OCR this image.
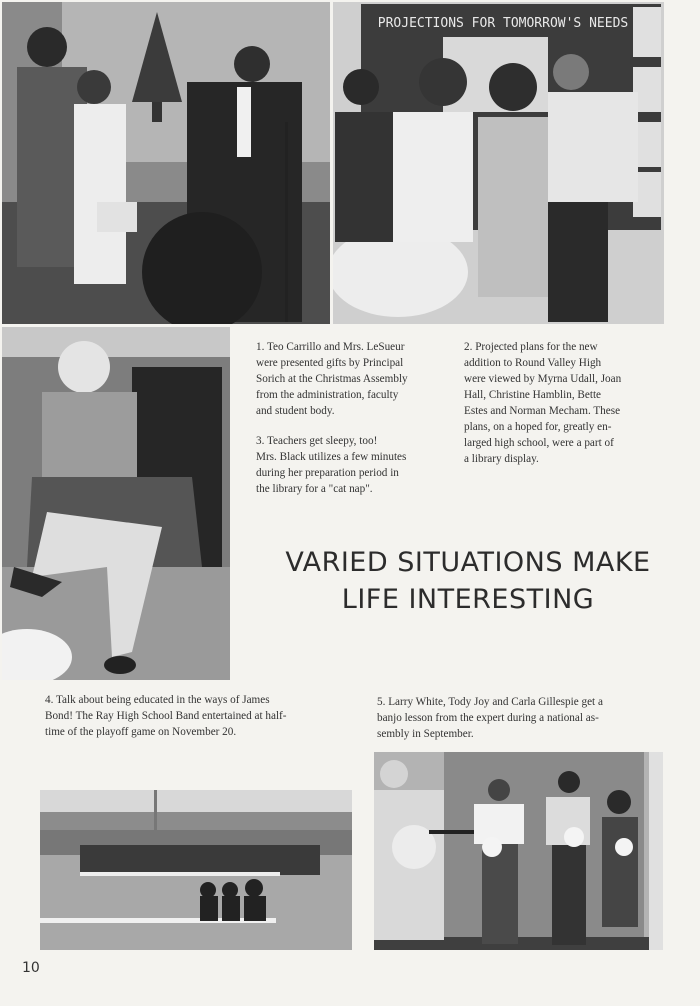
PROJECTIONS FOR TOMORROW'S NEEDS

1. Teo Carrillo and Mrs. LeSueur
were presented gifts by Principal
Sorich at the Christmas Assembly
from the administration, faculty
and student body.

2. Projected plans for the new
addition to Round Valley High
were viewed by Myrna Udall, Joan
Hall, Christine Hamblin, Bette
Estes and Norman Mecham. These
plans, on a hoped for, greatly en-
larged high school, were a part of
a library display.

3. Teachers get sleepy, too!
Mrs. Black utilizes a few minutes
during her preparation period in
the library for a "cat nap".

4. Talk about being educated in the ways of James
Bond! The Ray High School Band entertained at half-
time of the playoff game on November 20.

5. Larry White, Tody Joy and Carla Gillespie get a
banjo lesson from the expert during a national as-
sembly in September.

VARIED SITUATIONS MAKE
LIFE INTERESTING
10
